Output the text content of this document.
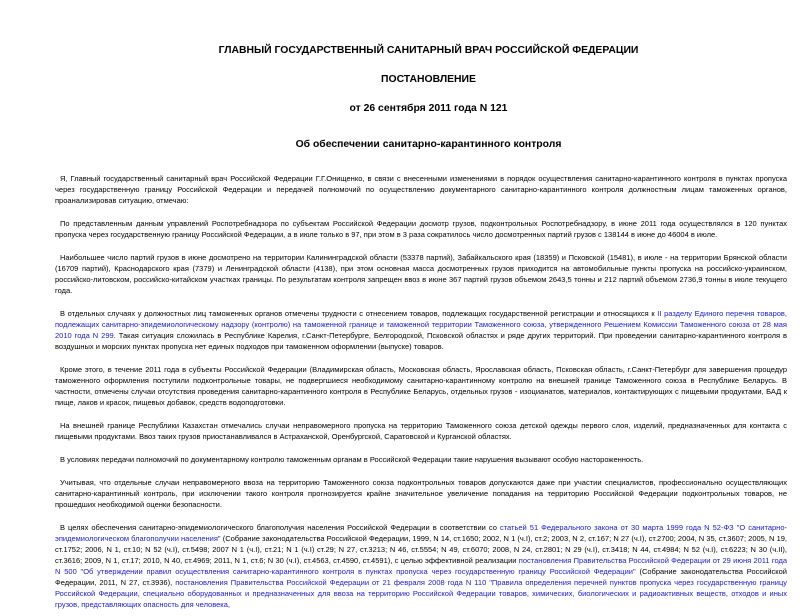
ГЛАВНЫЙ ГОСУДАРСТВЕННЫЙ САНИТАРНЫЙ ВРАЧ РОССИЙСКОЙ ФЕДЕРАЦИИ
ПОСТАНОВЛЕНИЕ
от 26 сентября 2011 года N 121
Об обеспечении санитарно-карантинного контроля

Я, Главный государственный санитарный врач Российской Федерации Г.Г.Онищенко, в связи с внесенными изменениями в порядок осуществления санитарно-карантинного контроля в пунктах пропуска через государственную границу Российской Федерации и передачей полномочий по осуществлению документарного санитарно-карантинного контроля должностным лицам таможенных органов, проанализировав ситуацию, отмечаю:

По представленным данным управлений Роспотребнадзора по субъектам Российской Федерации досмотр грузов, подконтрольных Роспотребнадзору, в июне 2011 года осуществлялся в 120 пунктах пропуска через государственную границу Российской Федерации, а в июле только в 97, при этом в 3 раза сократилось число досмотренных партий грузов с 138144 в июне до 46004 в июле.

Наибольшее число партий грузов в июне досмотрено на территории Калининградской области (53378 партий), Забайкальского края (18359) и Псковской (15481), в июле - на территории Брянской области (16709 партий), Краснодарского края (7379) и Ленинградской области (4138), при этом основная масса досмотренных грузов приходится на автомобильные пункты пропуска на российско-украинском, российско-литовском, российско-китайском участках границы. По результатам контроля запрещен ввоз в июне 367 партий грузов объемом 2643,5 тонны и 212 партий объемом 2736,9 тонны в июле текущего года.

В отдельных случаях у должностных лиц таможенных органов отмечены трудности с отнесением товаров, подлежащих государственной регистрации и относящихся к II разделу Единого перечня товаров, подлежащих санитарно-эпидемиологическому надзору (контролю) на таможенной границе и таможенной территории Таможенного союза, утвержденного Решением Комиссии Таможенного союза от 28 мая 2010 года N 299. Такая ситуация сложилась в Республике Карелия, г.Санкт-Петербурге, Белгородской, Псковской областях и ряде других территорий. При проведении санитарно-карантинного контроля в воздушных и морских пунктах пропуска нет единых подходов при таможенном оформлении (выпуске) товаров.

Кроме этого, в течение 2011 года в субъекты Российской Федерации (Владимирская область, Московская область, Ярославская область, Псковская область, г.Санкт-Петербург для завершения процедур таможенного оформления поступили подконтрольные товары, не подвергшиеся необходимому санитарно-карантинному контролю на внешней границе Таможенного союза в Республике Беларусь. В частности, отмечены случаи отсутствия проведения санитарно-карантинного контроля в Республике Беларусь, отдельных грузов - изоцианатов, материалов, контактирующих с пищевыми продуктами, БАД к пище, лаков и красок, пищевых добавок, средств водоподготовки.

На внешней границе Республики Казахстан отмечались случаи неправомерного пропуска на территорию Таможенного союза детской одежды первого слоя, изделий, предназначенных для контакта с пищевыми продуктами. Ввоз таких грузов приостанавливался в Астраханской, Оренбургской, Саратовской и Курганской областях.

В условиях передачи полномочий по документарному контролю таможенным органам в Российской Федерации такие нарушения вызывают особую настороженность.

Учитывая, что отдельные случаи неправомерного ввоза на территорию Таможенного союза подконтрольных товаров допускаются даже при участии специалистов, профессионально осуществляющих санитарно-карантинный контроль, при исключении такого контроля прогнозируется крайне значительное увеличение попадания на территорию Российской Федерации подконтрольных товаров, не прошедших необходимой оценки безопасности.

В целях обеспечения санитарно-эпидемиологического благополучия населения Российской Федерации в соответствии со статьей 51 Федерального закона от 30 марта 1999 года N 52-ФЗ "О санитарно-эпидемиологическом благополучии населения" (Собрание законодательства Российской Федерации, 1999, N 14, ст.1650; 2002, N 1 (ч.I), ст.2; 2003, N 2, ст.167; N 27 (ч.I), ст.2700; 2004, N 35, ст.3607; 2005, N 19, ст.1752; 2006, N 1, ст.10; N 52 (ч.I), ст.5498; 2007 N 1 (ч.I), ст.21; N 1 (ч.I) ст.29; N 27, ст.3213; N 46, ст.5554; N 49, ст.6070; 2008, N 24, ст.2801; N 29 (ч.I), ст.3418; N 44, ст.4984; N 52 (ч.I), ст.6223; N 30 (ч.II), ст.3616; 2009, N 1, ст.17; 2010, N 40, ст.4969; 2011, N 1, ст.6; N 30 (ч.I), ст.4563, ст.4590, ст.4591), с целью эффективной реализации постановления Правительства Российской Федерации от 29 июня 2011 года N 500 "Об утверждении правил осуществления санитарно-карантинного контроля в пунктах пропуска через государственную границу Российской Федерации" (Собрание законодательства Российской Федерации, 2011, N 27, ст.3936), постановления Правительства Российской Федерации от 21 февраля 2008 года N 110 "Правила определения перечней пунктов пропуска через государственную границу Российской Федерации, специально оборудованных и предназначенных для ввоза на территорию Российской Федерации товаров, химических, биологических и радиоактивных веществ, отходов и иных грузов, представляющих опасность для человека,
